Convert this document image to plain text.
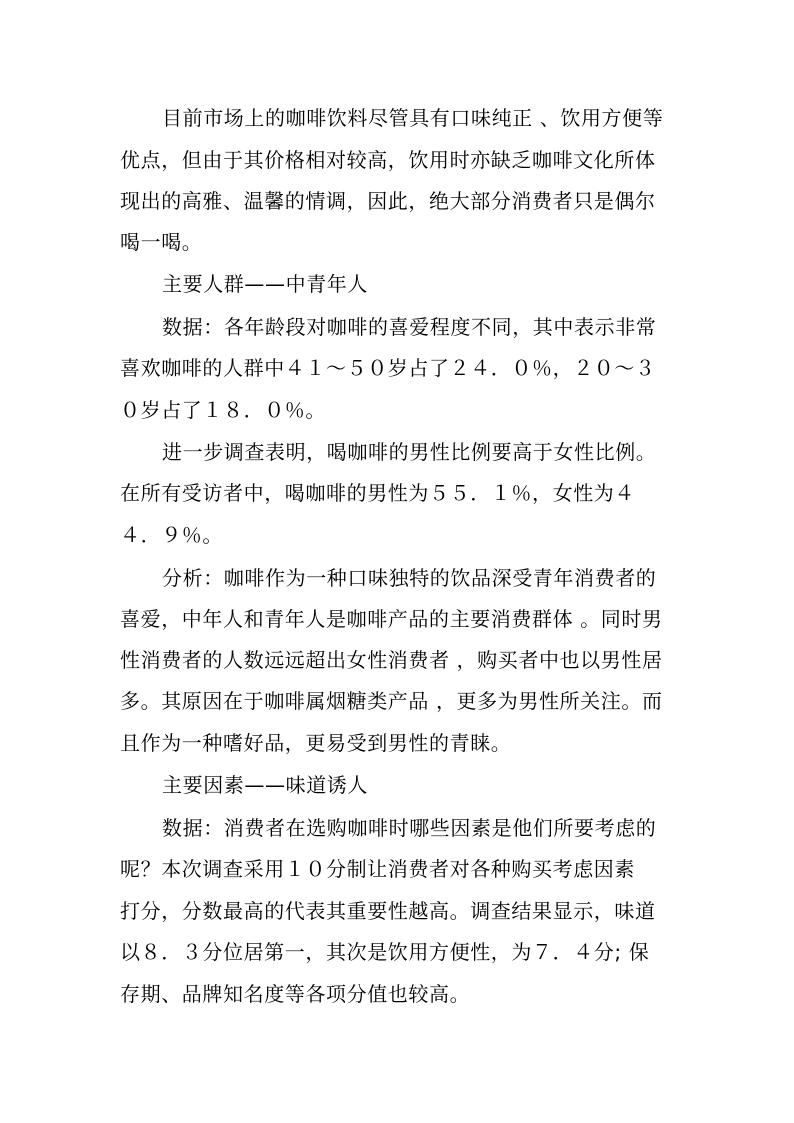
目前市场上的咖啡饮料尽管具有口味纯正 、饮用方便等
优点，但由于其价格相对较高，饮用时亦缺乏咖啡文化所体
现出的高雅、温馨的情调，因此，绝大部分消费者只是偶尔
喝一喝。
主要人群——中青年人
数据：各年龄段对咖啡的喜爱程度不同，其中表示非常
喜欢咖啡的人群中４１～５０岁占了２４．０％，２０～３
０岁占了１８．０％。
进一步调查表明，喝咖啡的男性比例要高于女性比例。
在所有受访者中，喝咖啡的男性为５５．１％，女性为４
４．９％。
分析：咖啡作为一种口味独特的饮品深受青年消费者的
喜爱，中年人和青年人是咖啡产品的主要消费群体 。同时男
性消费者的人数远远超出女性消费者 ，购买者中也以男性居
多。其原因在于咖啡属烟糖类产品 ，更多为男性所关注。而
且作为一种嗜好品，更易受到男性的青睐。
主要因素——味道诱人
数据：消费者在选购咖啡时哪些因素是他们所要考虑的
呢？本次调查采用１０分制让消费者对各种购买考虑因素
打分，分数最高的代表其重要性越高。调查结果显示，味道
以８．３分位居第一，其次是饮用方便性，为７．４分; 保
存期、品牌知名度等各项分值也较高。
